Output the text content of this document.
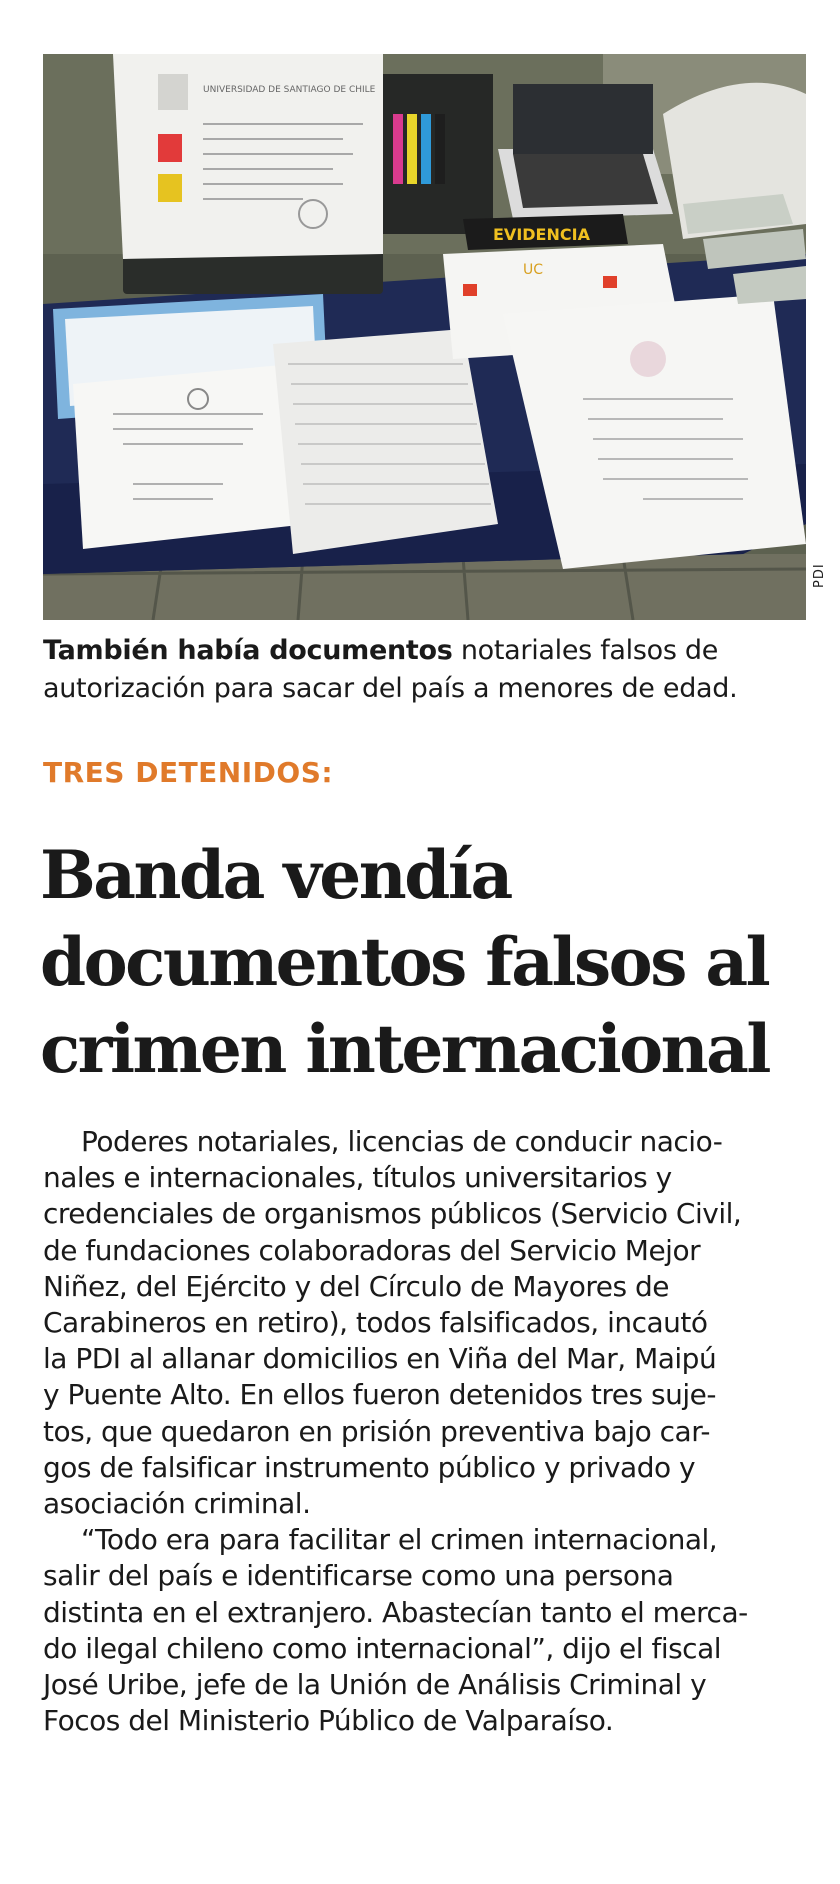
UNIVERSIDAD DE SANTIAGO DE CHILE
EVIDENCIA
UC
PDI
También había documentos notariales falsos de autorización para sacar del país a menores de edad.
TRES DETENIDOS:
Banda vendía
documentos falsos al
crimen internacional

Poderes notariales, licencias de conducir nacio-
nales e internacionales, títulos universitarios y
credenciales de organismos públicos (Servicio Civil,
de fundaciones colaboradoras del Servicio Mejor
Niñez, del Ejército y del Círculo de Mayores de
Carabineros en retiro), todos falsificados, incautó
la PDI al allanar domicilios en Viña del Mar, Maipú
y Puente Alto. En ellos fueron detenidos tres suje-
tos, que quedaron en prisión preventiva bajo car-
gos de falsificar instrumento público y privado y
asociación criminal.

“Todo era para facilitar el crimen internacional,
salir del país e identificarse como una persona
distinta en el extranjero. Abastecían tanto el merca-
do ilegal chileno como internacional”, dijo el fiscal
José Uribe, jefe de la Unión de Análisis Criminal y
Focos del Ministerio Público de Valparaíso.
